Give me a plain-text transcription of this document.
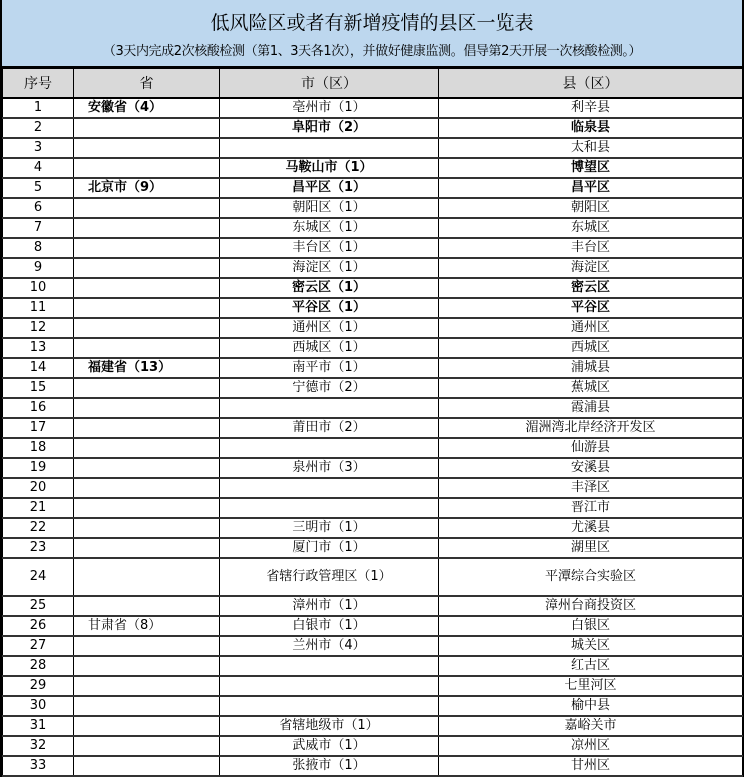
低风险区或者有新增疫情的县区一览表
（3天内完成2次核酸检测（第1、3天各1次），并做好健康监测。倡导第2天开展一次核酸检测。）
序号	省	市（区）	县（区）
1	安徽省（4）	亳州市（1）	利辛县
2		阜阳市（2）	临泉县
3			太和县
4		马鞍山市（1）	博望区
5	北京市（9）	昌平区（1）	昌平区
6		朝阳区（1）	朝阳区
7		东城区（1）	东城区
8		丰台区（1）	丰台区
9		海淀区（1）	海淀区
10		密云区（1）	密云区
11		平谷区（1）	平谷区
12		通州区（1）	通州区
13		西城区（1）	西城区
14	福建省（13）	南平市（1）	浦城县
15		宁德市（2）	蕉城区
16			霞浦县
17		莆田市（2）	湄洲湾北岸经济开发区
18			仙游县
19		泉州市（3）	安溪县
20			丰泽区
21			晋江市
22		三明市（1）	尤溪县
23		厦门市（1）	湖里区
24		省辖行政管理区（1）	平潭综合实验区
25		漳州市（1）	漳州台商投资区
26	甘肃省（8）	白银市（1）	白银区
27		兰州市（4）	城关区
28			红古区
29			七里河区
30			榆中县
31		省辖地级市（1）	嘉峪关市
32		武威市（1）	凉州区
33		张掖市（1）	甘州区
